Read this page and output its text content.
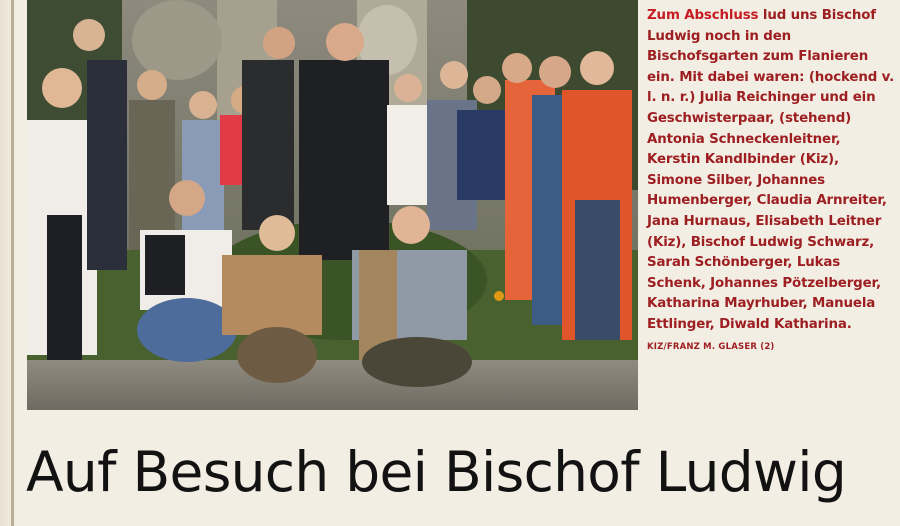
Zum Abschluss lud uns Bischof Ludwig noch in den Bischofsgarten zum Flanieren ein. Mit dabei waren: (hockend v. l. n. r.) Julia Reichinger und ein Geschwisterpaar, (stehend) Antonia Schneckenleitner, Kerstin Kandlbinder (Kiz), Simone Silber, Johannes Humenberger, Claudia Arnreiter, Jana Hurnaus, Elisabeth Leitner (Kiz), Bischof Ludwig Schwarz, Sarah Schönberger, Lukas Schenk, Johannes Pötzelberger, Katharina Mayrhuber, Manuela Ettlinger, Diwald Katharina. KIZ/FRANZ M. GLASER (2)
Auf Besuch bei Bischof Ludwig
